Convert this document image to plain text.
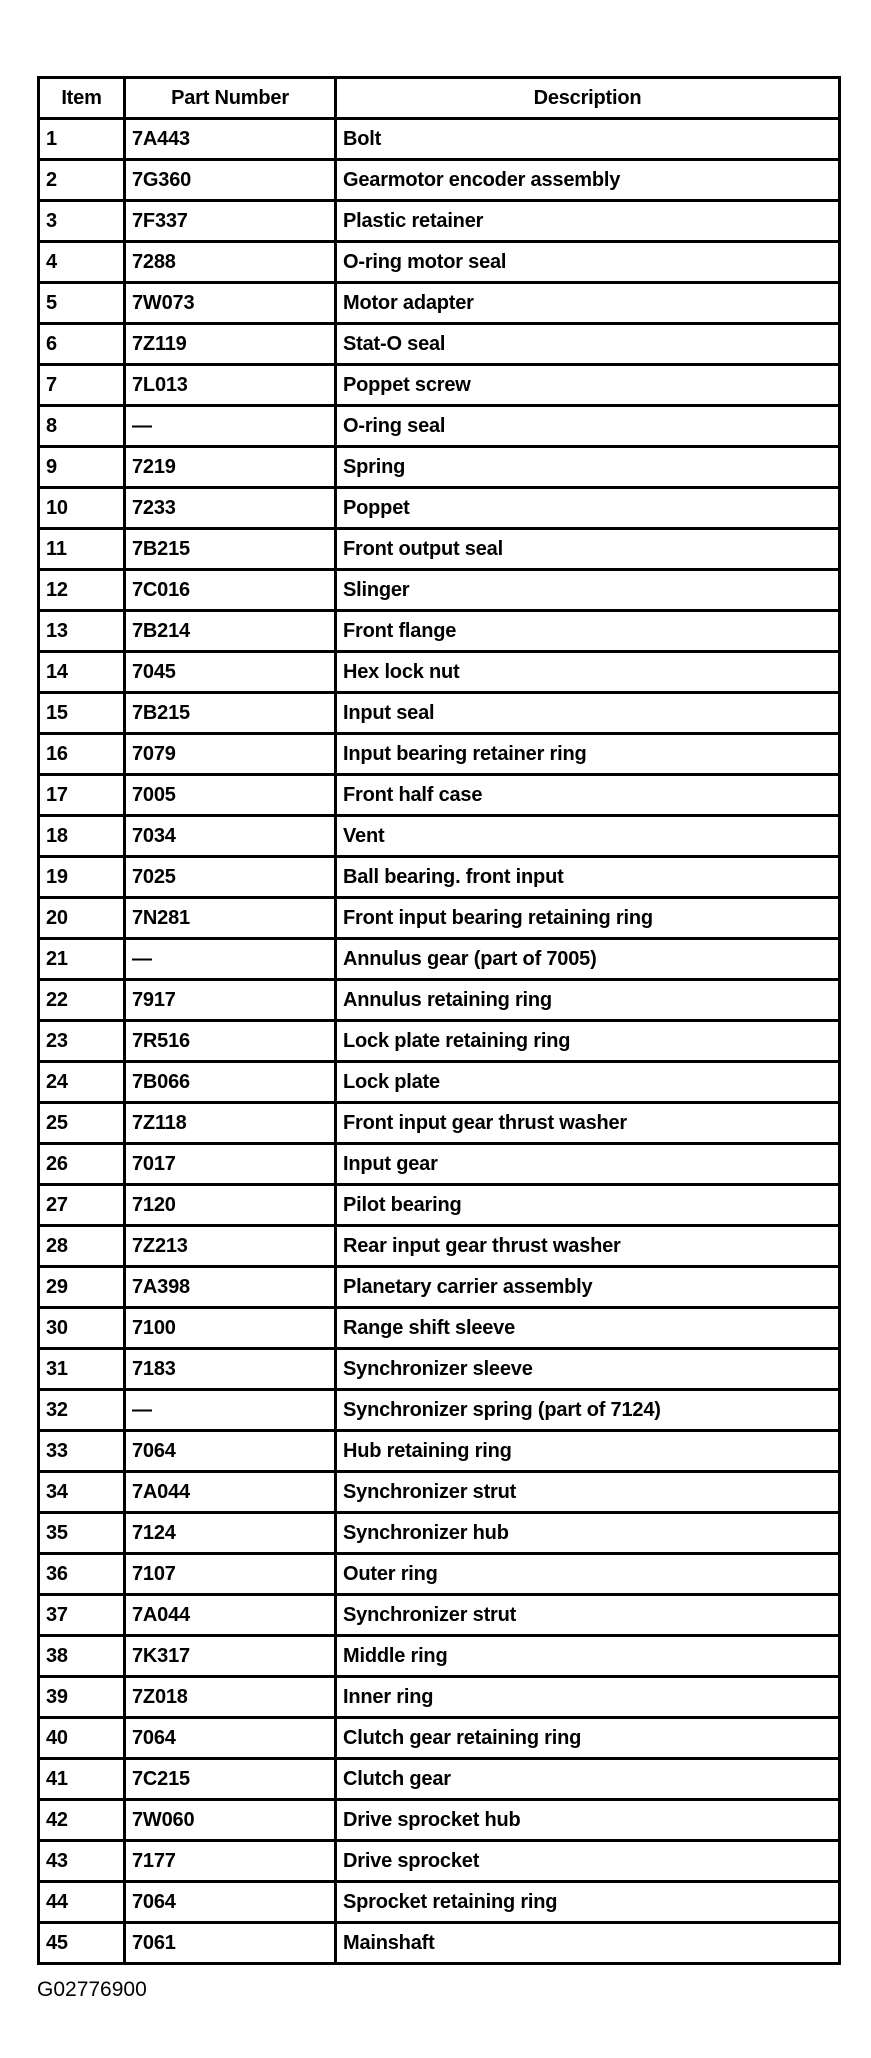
Item	Part Number	Description
1	7A443	Bolt
2	7G360	Gearmotor encoder assembly
3	7F337	Plastic retainer
4	7288	O-ring motor seal
5	7W073	Motor adapter
6	7Z119	Stat-O seal
7	7L013	Poppet screw
8	—	O-ring seal
9	7219	Spring
10	7233	Poppet
11	7B215	Front output seal
12	7C016	Slinger
13	7B214	Front flange
14	7045	Hex lock nut
15	7B215	Input seal
16	7079	Input bearing retainer ring
17	7005	Front half case
18	7034	Vent
19	7025	Ball bearing. front input
20	7N281	Front input bearing retaining ring
21	—	Annulus gear (part of 7005)
22	7917	Annulus retaining ring
23	7R516	Lock plate retaining ring
24	7B066	Lock plate
25	7Z118	Front input gear thrust washer
26	7017	Input gear
27	7120	Pilot bearing
28	7Z213	Rear input gear thrust washer
29	7A398	Planetary carrier assembly
30	7100	Range shift sleeve
31	7183	Synchronizer sleeve
32	—	Synchronizer spring (part of 7124)
33	7064	Hub retaining ring
34	7A044	Synchronizer strut
35	7124	Synchronizer hub
36	7107	Outer ring
37	7A044	Synchronizer strut
38	7K317	Middle ring
39	7Z018	Inner ring
40	7064	Clutch gear retaining ring
41	7C215	Clutch gear
42	7W060	Drive sprocket hub
43	7177	Drive sprocket
44	7064	Sprocket retaining ring
45	7061	Mainshaft
G02776900
